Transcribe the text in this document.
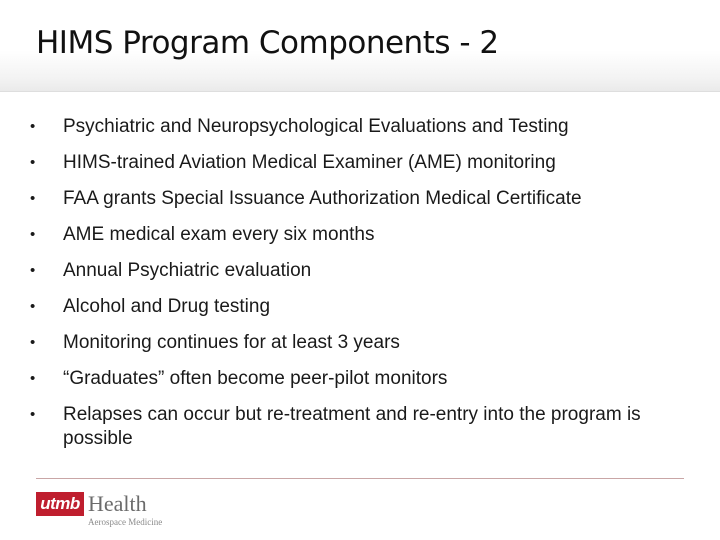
HIMS Program Components - 2
•	Psychiatric and Neuropsychological Evaluations and Testing
•	HIMS-trained Aviation Medical Examiner (AME) monitoring
•	FAA grants Special Issuance Authorization Medical Certificate
•	AME medical exam every six months
•	Annual Psychiatric evaluation
•	Alcohol and Drug testing
•	Monitoring continues for at least 3 years
•	“Graduates” often become peer-pilot monitors
•	Relapses can occur but re-treatment and re-entry into the program is possible
utmb Health
Aerospace Medicine
